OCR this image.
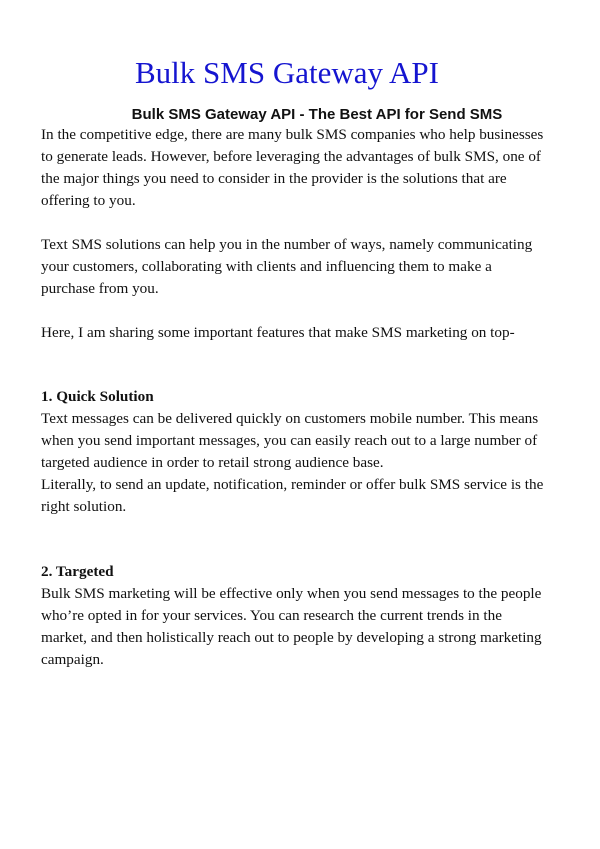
Bulk SMS Gateway API
Bulk SMS Gateway API - The Best API for Send SMS
In the competitive edge, there are many bulk SMS companies who help businesses
to generate leads. However, before leveraging the advantages of bulk SMS, one of
the major things you need to consider in the provider is the solutions that are
offering to you.
Text SMS solutions can help you in the number of ways, namely communicating
your customers, collaborating with clients and influencing them to make a
purchase from you.
Here, I am sharing some important features that make SMS marketing on top-
1. Quick Solution
Text messages can be delivered quickly on customers mobile number. This means
when you send important messages, you can easily reach out to a large number of
targeted audience in order to retail strong audience base.
Literally, to send an update, notification, reminder or offer bulk SMS service is the
right solution.
2. Targeted
Bulk SMS marketing will be effective only when you send messages to the people
who’re opted in for your services. You can research the current trends in the
market, and then holistically reach out to people by developing a strong marketing
campaign.
